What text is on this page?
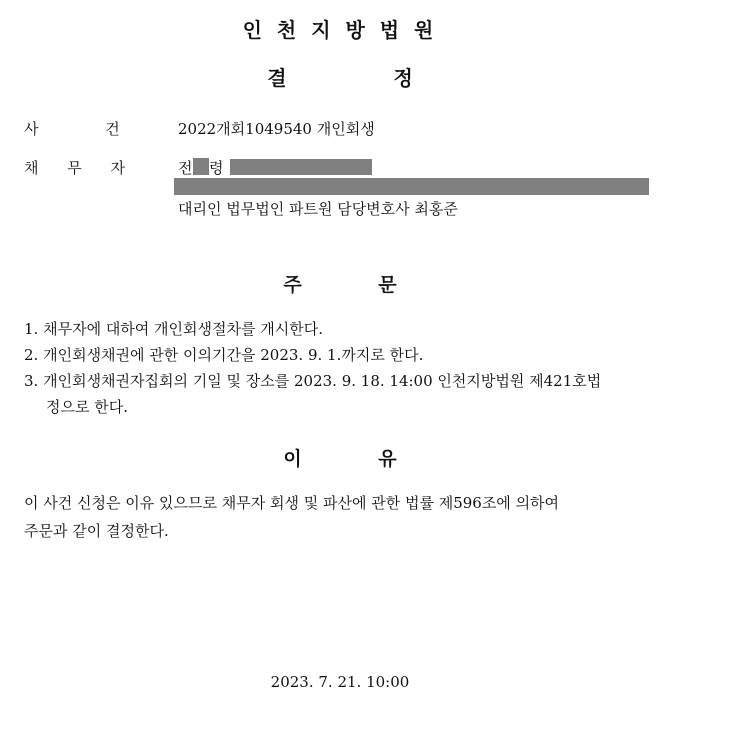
인 천 지 방 법 원
결 정
사 건	2022개회1049540 개인회생
채 무 자	전 령
대리인 법무법인 파트원 담당변호사 최홍준
주 문
1. 채무자에 대하여 개인회생절차를 개시한다.
2. 개인회생채권에 관한 이의기간을 2023. 9. 1.까지로 한다.
3. 개인회생채권자집회의 기일 및 장소를 2023. 9. 18. 14:00 인천지방법원 제421호법
정으로 한다.
이 유
이 사건 신청은 이유 있으므로 채무자 회생 및 파산에 관한 법률 제596조에 의하여
주문과 같이 결정한다.
2023. 7. 21. 10:00
